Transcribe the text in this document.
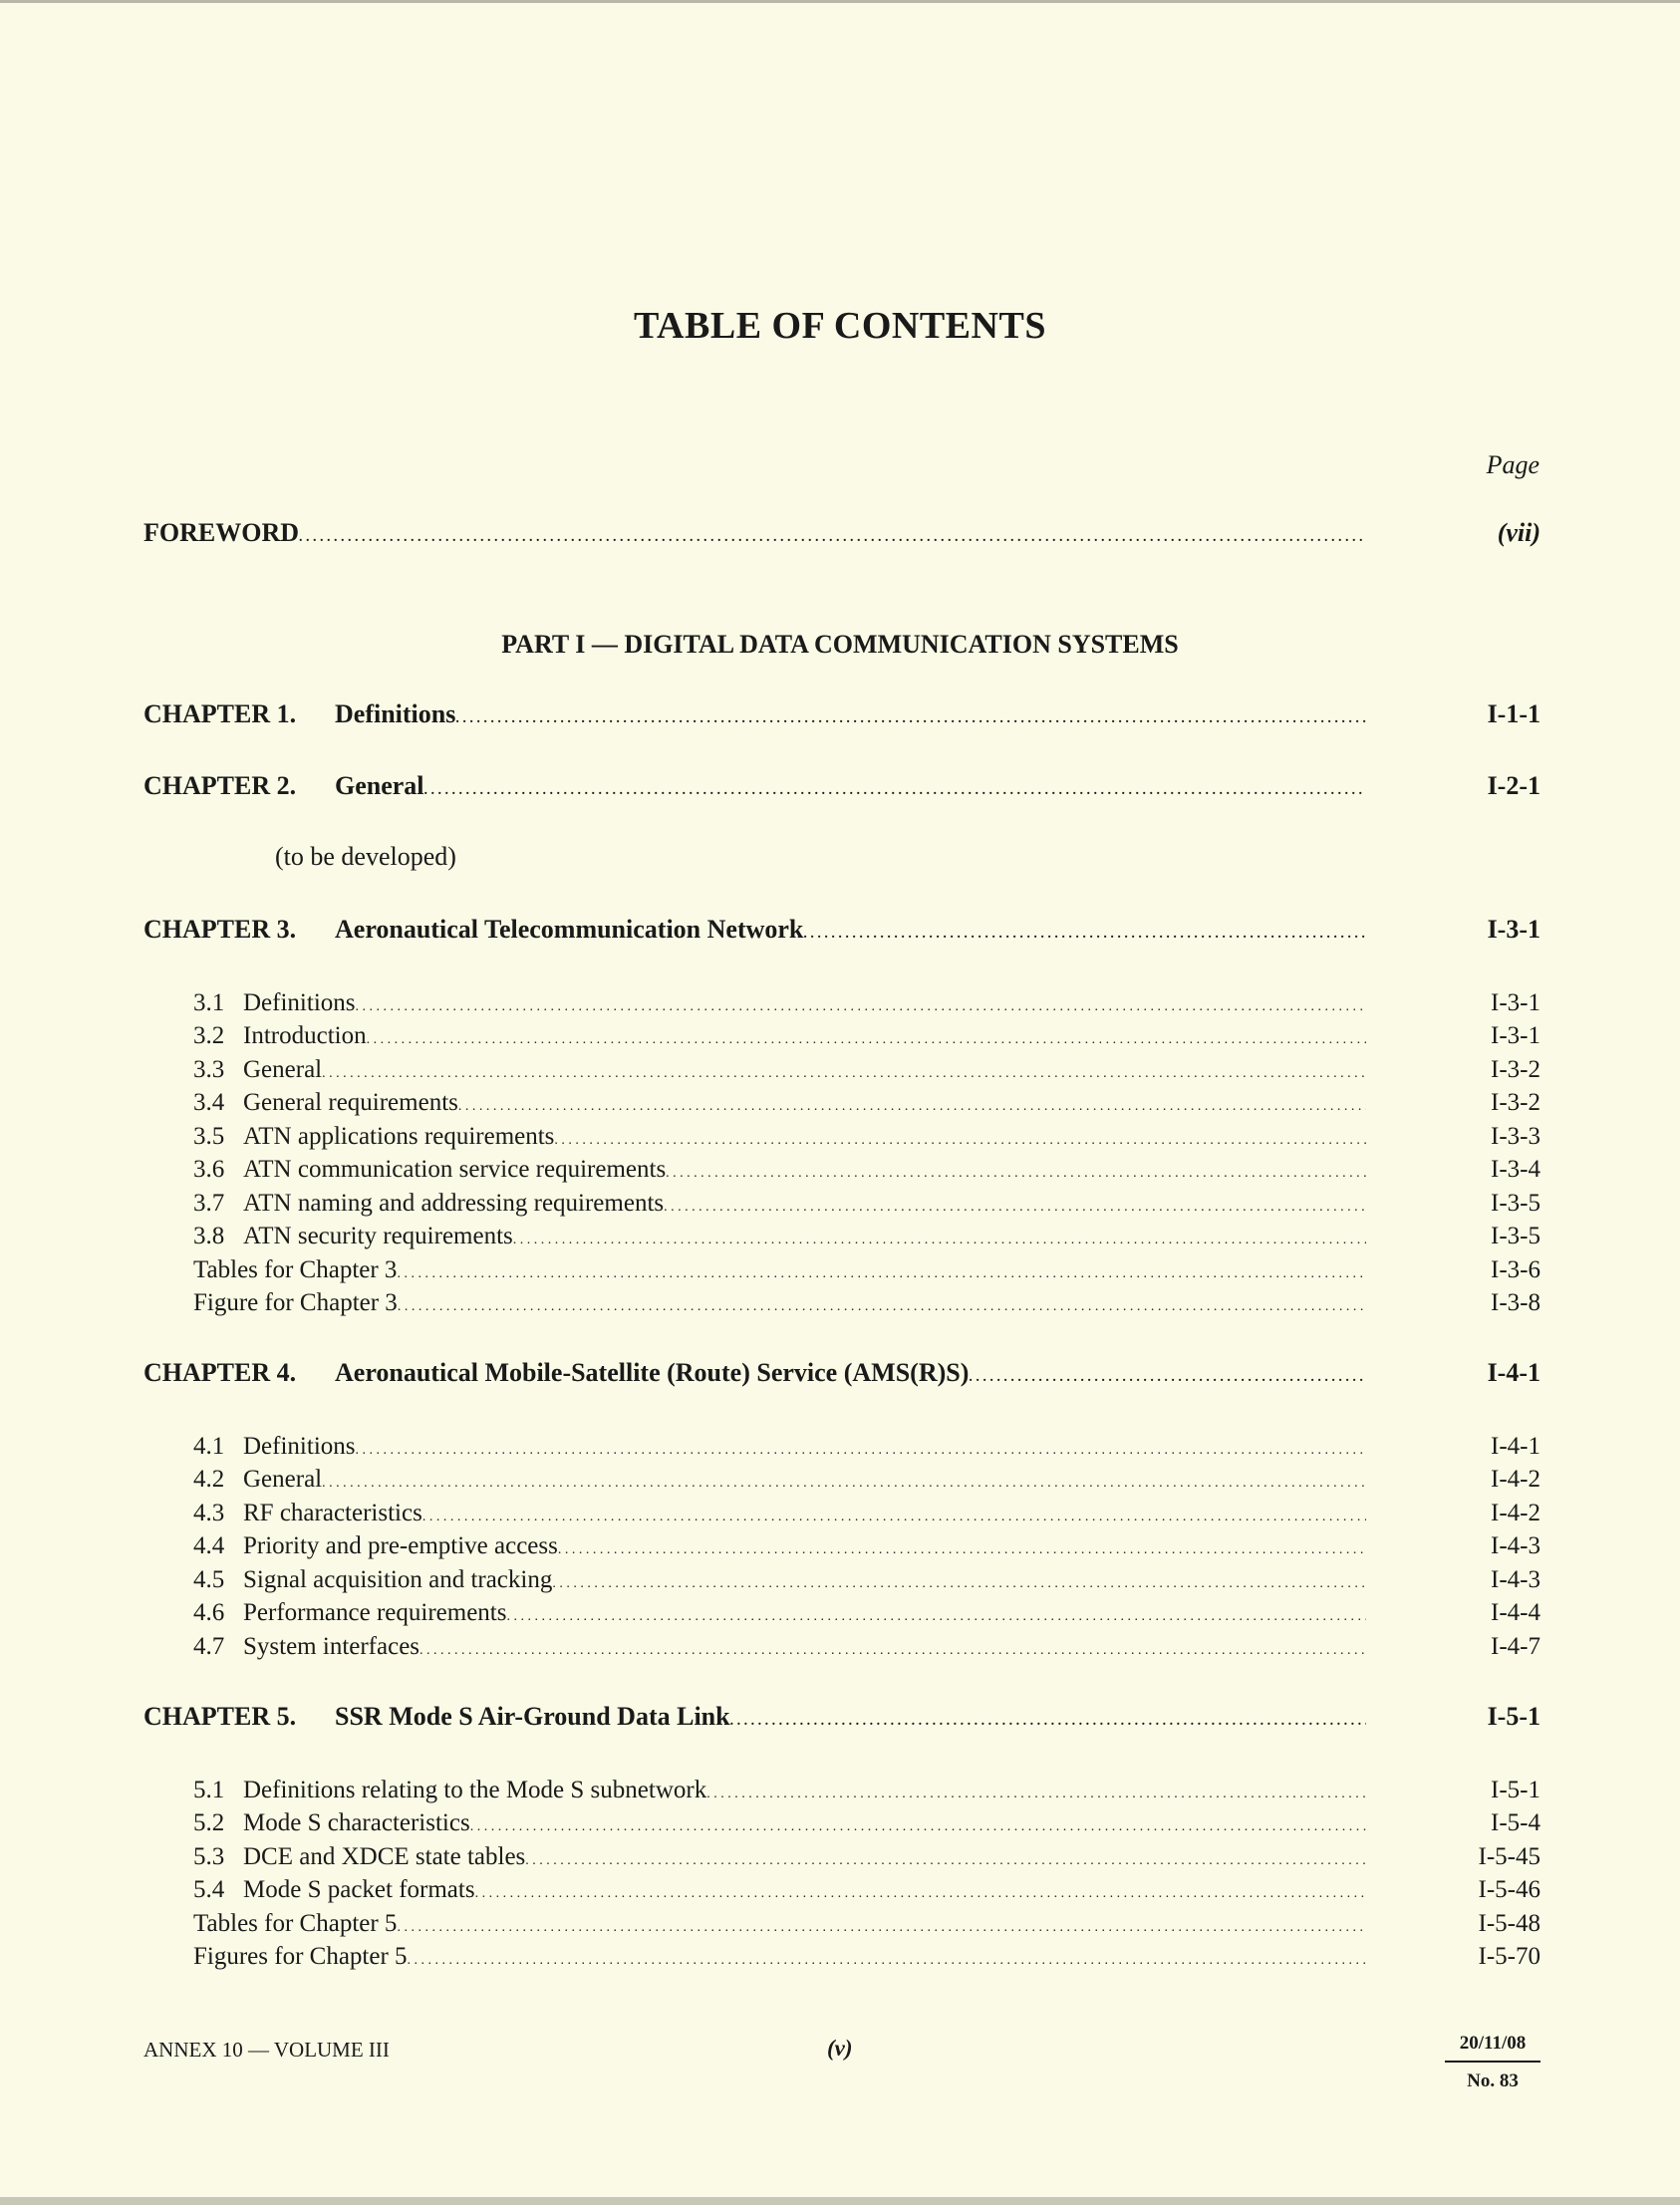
TABLE OF CONTENTS
Page
FOREWORD . . .	(vii)
PART I — DIGITAL DATA COMMUNICATION SYSTEMS
CHAPTER 1.	Definitions . . .	I-1-1
CHAPTER 2.	General . . .	I-2-1
(to be developed)
CHAPTER 3.	Aeronautical Telecommunication Network . . .	I-3-1
3.1 Definitions . . .	I-3-1
3.2 Introduction . . .	I-3-1
3.3 General . . .	I-3-2
3.4 General requirements . . .	I-3-2
3.5 ATN applications requirements . . .	I-3-3
3.6 ATN communication service requirements . . .	I-3-4
3.7 ATN naming and addressing requirements . . .	I-3-5
3.8 ATN security requirements . . .	I-3-5
Tables for Chapter 3 . . .	I-3-6
Figure for Chapter 3 . . .	I-3-8
CHAPTER 4.	Aeronautical Mobile-Satellite (Route) Service (AMS(R)S) . . .	I-4-1
4.1 Definitions . . .	I-4-1
4.2 General . . .	I-4-2
4.3 RF characteristics . . .	I-4-2
4.4 Priority and pre-emptive access . . .	I-4-3
4.5 Signal acquisition and tracking . . .	I-4-3
4.6 Performance requirements . . .	I-4-4
4.7 System interfaces . . .	I-4-7
CHAPTER 5.	SSR Mode S Air-Ground Data Link . . .	I-5-1
5.1 Definitions relating to the Mode S subnetwork . . .	I-5-1
5.2 Mode S characteristics . . .	I-5-4
5.3 DCE and XDCE state tables . . .	I-5-45
5.4 Mode S packet formats . . .	I-5-46
Tables for Chapter 5 . . .	I-5-48
Figures for Chapter 5 . . .	I-5-70
ANNEX 10 — VOLUME III	(v)	20/11/08
No. 83
